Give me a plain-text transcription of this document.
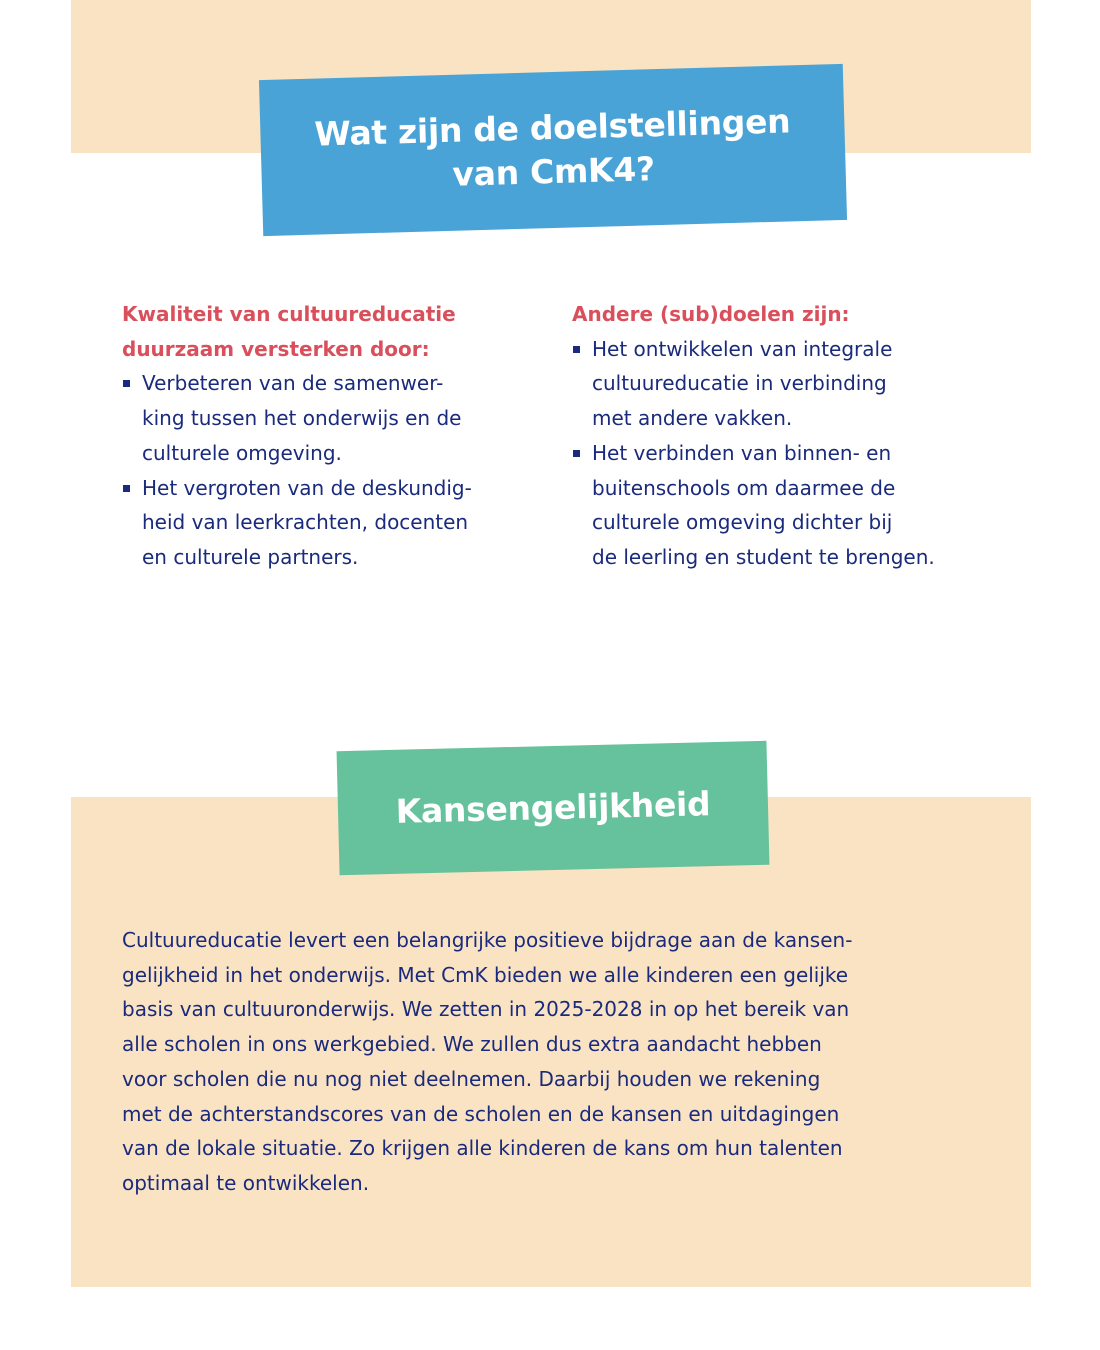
Wat zijn de doelstellingen
van CmK4?
Kwaliteit van cultuureducatie
duurzaam versterken door:
Verbeteren van de samenwer-
king tussen het onderwijs en de
culturele omgeving.
Het vergroten van de deskundig-
heid van leerkrachten, docenten
en culturele partners.
Andere (sub)doelen zijn:
Het ontwikkelen van integrale
cultuureducatie in verbinding
met andere vakken.
Het verbinden van binnen- en
buitenschools om daarmee de
culturele omgeving dichter bij
de leerling en student te brengen.
Kansengelijkheid
Cultuureducatie levert een belangrijke positieve bijdrage aan de kansen-
gelijkheid in het onderwijs. Met CmK bieden we alle kinderen een gelijke
basis van cultuuronderwijs. We zetten in 2025-2028 in op het bereik van
alle scholen in ons werkgebied. We zullen dus extra aandacht hebben
voor scholen die nu nog niet deelnemen. Daarbij houden we rekening
met de achterstandscores van de scholen en de kansen en uitdagingen
van de lokale situatie. Zo krijgen alle kinderen de kans om hun talenten
optimaal te ontwikkelen.
